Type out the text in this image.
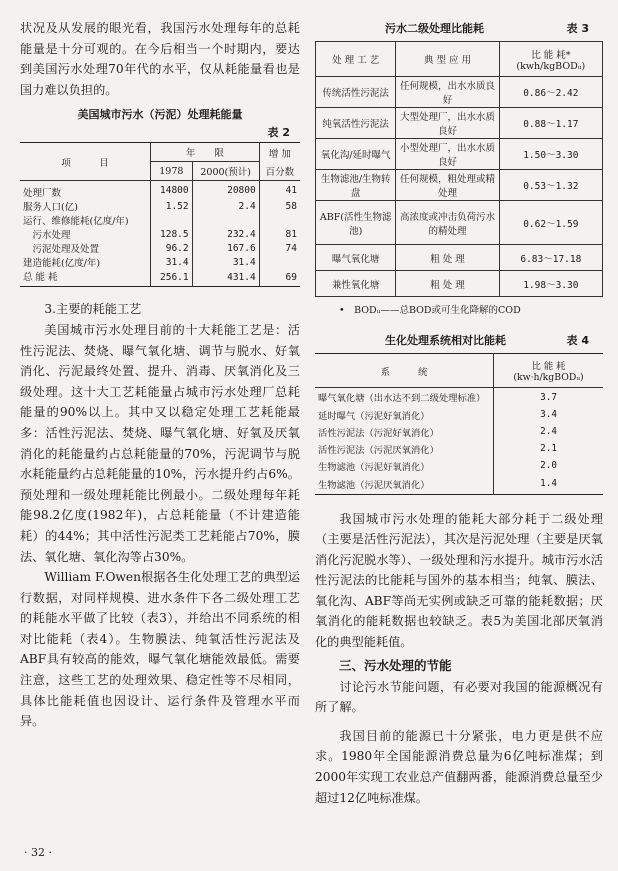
状况及从发展的眼光看，我国污水处理每年的总耗能量是十分可观的。在今后相当一个时期内，要达到美国污水处理70年代的水平，仅从耗能量看也是国力难以负担的。

美国城市污水（污泥）处理耗能量
表 2
项　　　目	年　　限		增 加
	1978	2000(预计)	百分数
处理厂数	14800	20800	41
服务人口(亿)	1.52	2.4	58
运行、维修能耗(亿度/年)			
　污水处理	128.5	232.4	81
　污泥处理及处置	96.2	167.6	74
建造能耗(亿度/年)	31.4	31.4	
总 能 耗	256.1	431.4	69

3.主要的耗能工艺

美国城市污水处理目前的十大耗能工艺是：活性污泥法、焚烧、曝气氧化塘、调节与脱水、好氧消化、污泥最终处置、提升、消毒、厌氧消化及三级处理。这十大工艺耗能量占城市污水处理厂总耗能量的90%以上。其中又以稳定处理工艺耗能最多：活性污泥法、焚烧、曝气氧化塘、好氧及厌氧消化的耗能量约占总耗能量的70%，污泥调节与脱水耗能量约占总耗能量的10%，污水提升约占6%。预处理和一级处理耗能比例最小。二级处理每年耗能98.2亿度(1982年)，占总耗能量（不计建造能耗）的44%；其中活性污泥类工艺耗能占70%，膜法、氧化塘、氧化沟等占30%。

William F.Owen根据各生化处理工艺的典型运行数据，对同样规模、进水条件下各二级处理工艺的耗能水平做了比较（表3），并给出不同系统的相对比能耗（表4）。生物膜法、纯氧活性污泥法及ABF具有较高的能效，曝气氧化塘能效最低。需要注意，这些工艺的处理效果、稳定性等不尽相同，具体比能耗值也因设计、运行条件及管理水平而异。

· 32 ·
污水二级处理比能耗	表 3
处 理 工 艺	典 型 应 用	比 能 耗*
(kwh/kgBODᵤ)

传统活性污泥法	任何规模，出水水质良好	0.86～2.42
纯氧活性污泥法	大型处理厂，出水水质良好	0.88～1.17
氧化沟/延时曝气	小型处理厂，出水水质良好	1.50～3.30
生物滤池/生物转盘	任何规模，粗处理或精处理	0.53～1.32
ABF(活性生物滤池)	高浓度或冲击负荷污水的精处理	0.62～1.59
曝气氧化塘	粗 处 理	6.83～17.18
兼性氧化塘	粗 处 理	1.98～3.30
•　BODᵤ——总BOD或可生化降解的COD
生化处理系统相对比能耗	表 4
系　　　统	比 能 耗
(kw·h/kgBODᵤ)

曝气氧化塘（出水达不到二级处理标准）	3.7
延时曝气（污泥好氧消化）	3.4
活性污泥法（污泥好氧消化）	2.4
活性污泥法（污泥厌氧消化）	2.1
生物滤池（污泥好氧消化）	2.0
生物滤池（污泥厌氧消化）	1.4

我国城市污水处理的能耗大部分耗于二级处理（主要是活性污泥法），其次是污泥处理（主要是厌氧消化污泥脱水等）、一级处理和污水提升。城市污水活性污泥法的比能耗与国外的基本相当；纯氧、膜法、氧化沟、ABF等尚无实例或缺乏可靠的能耗数据；厌氧消化的能耗数据也较缺乏。表5为美国北部厌氧消化的典型能耗值。

三、污水处理的节能

讨论污水节能问题，有必要对我国的能源概况有所了解。

我国目前的能源已十分紧张，电力更是供不应求。1980年全国能源消费总量为6亿吨标准煤；到2000年实现工农业总产值翻两番，能源消费总量至少超过12亿吨标准煤。
